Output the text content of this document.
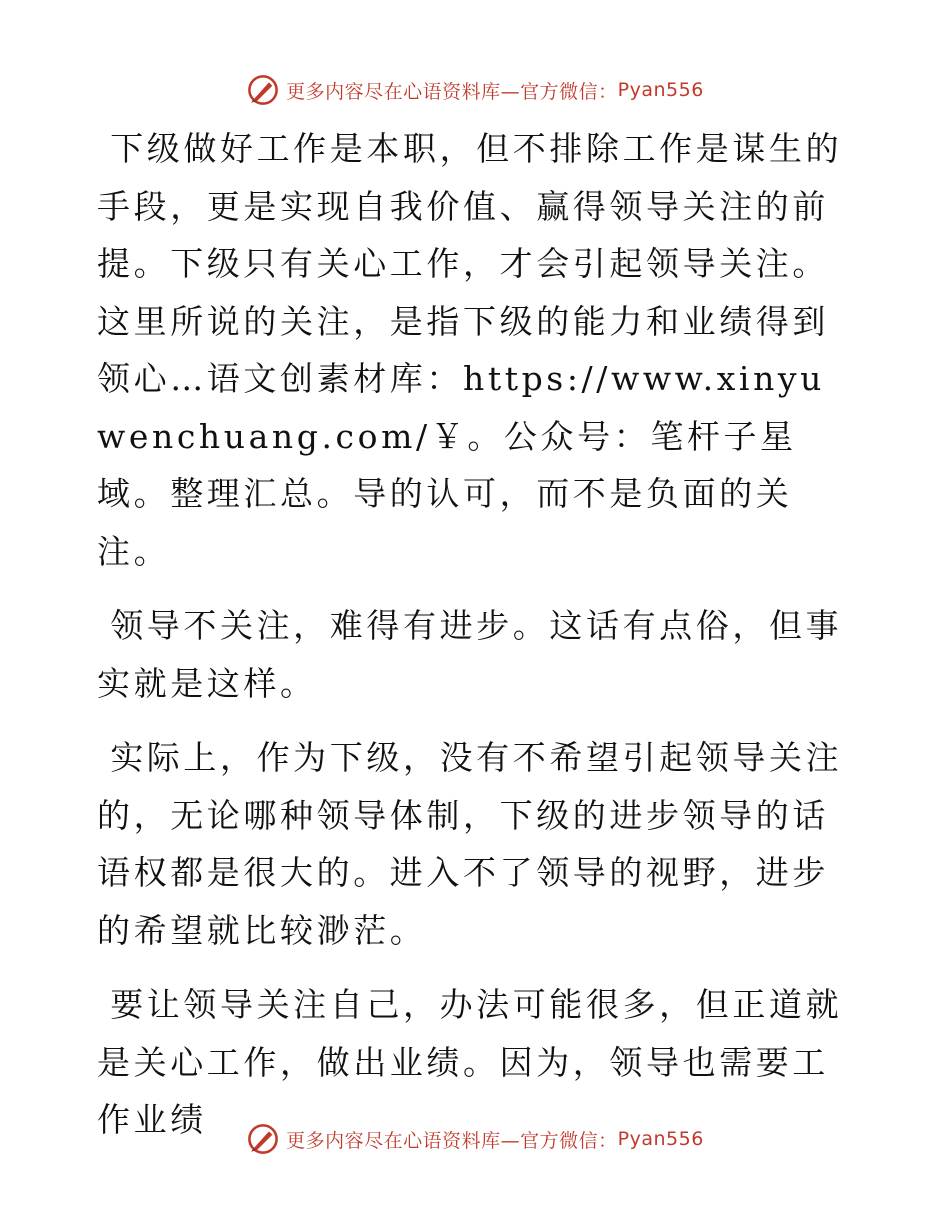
更多内容尽在心语资料库—官方微信： Pyan556

下级做好工作是本职，但不排除工作是谋生的手段，更是实现自我价值、赢得领导关注的前提。下级只有关心工作，才会引起领导关注。这里所说的关注，是指下级的能力和业绩得到领心…语文创素材库：https://www.xinyuwenchuang.com/￥。公众号：笔杆子星域。整理汇总。导的认可，而不是负面的关注。

领导不关注，难得有进步。这话有点俗，但事实就是这样。

实际上，作为下级，没有不希望引起领导关注的，无论哪种领导体制，下级的进步领导的话语权都是很大的。进入不了领导的视野，进步的希望就比较渺茫。

要让领导关注自己，办法可能很多，但正道就是关心工作，做出业绩。因为，领导也需要工作业绩

更多内容尽在心语资料库—官方微信： Pyan556
